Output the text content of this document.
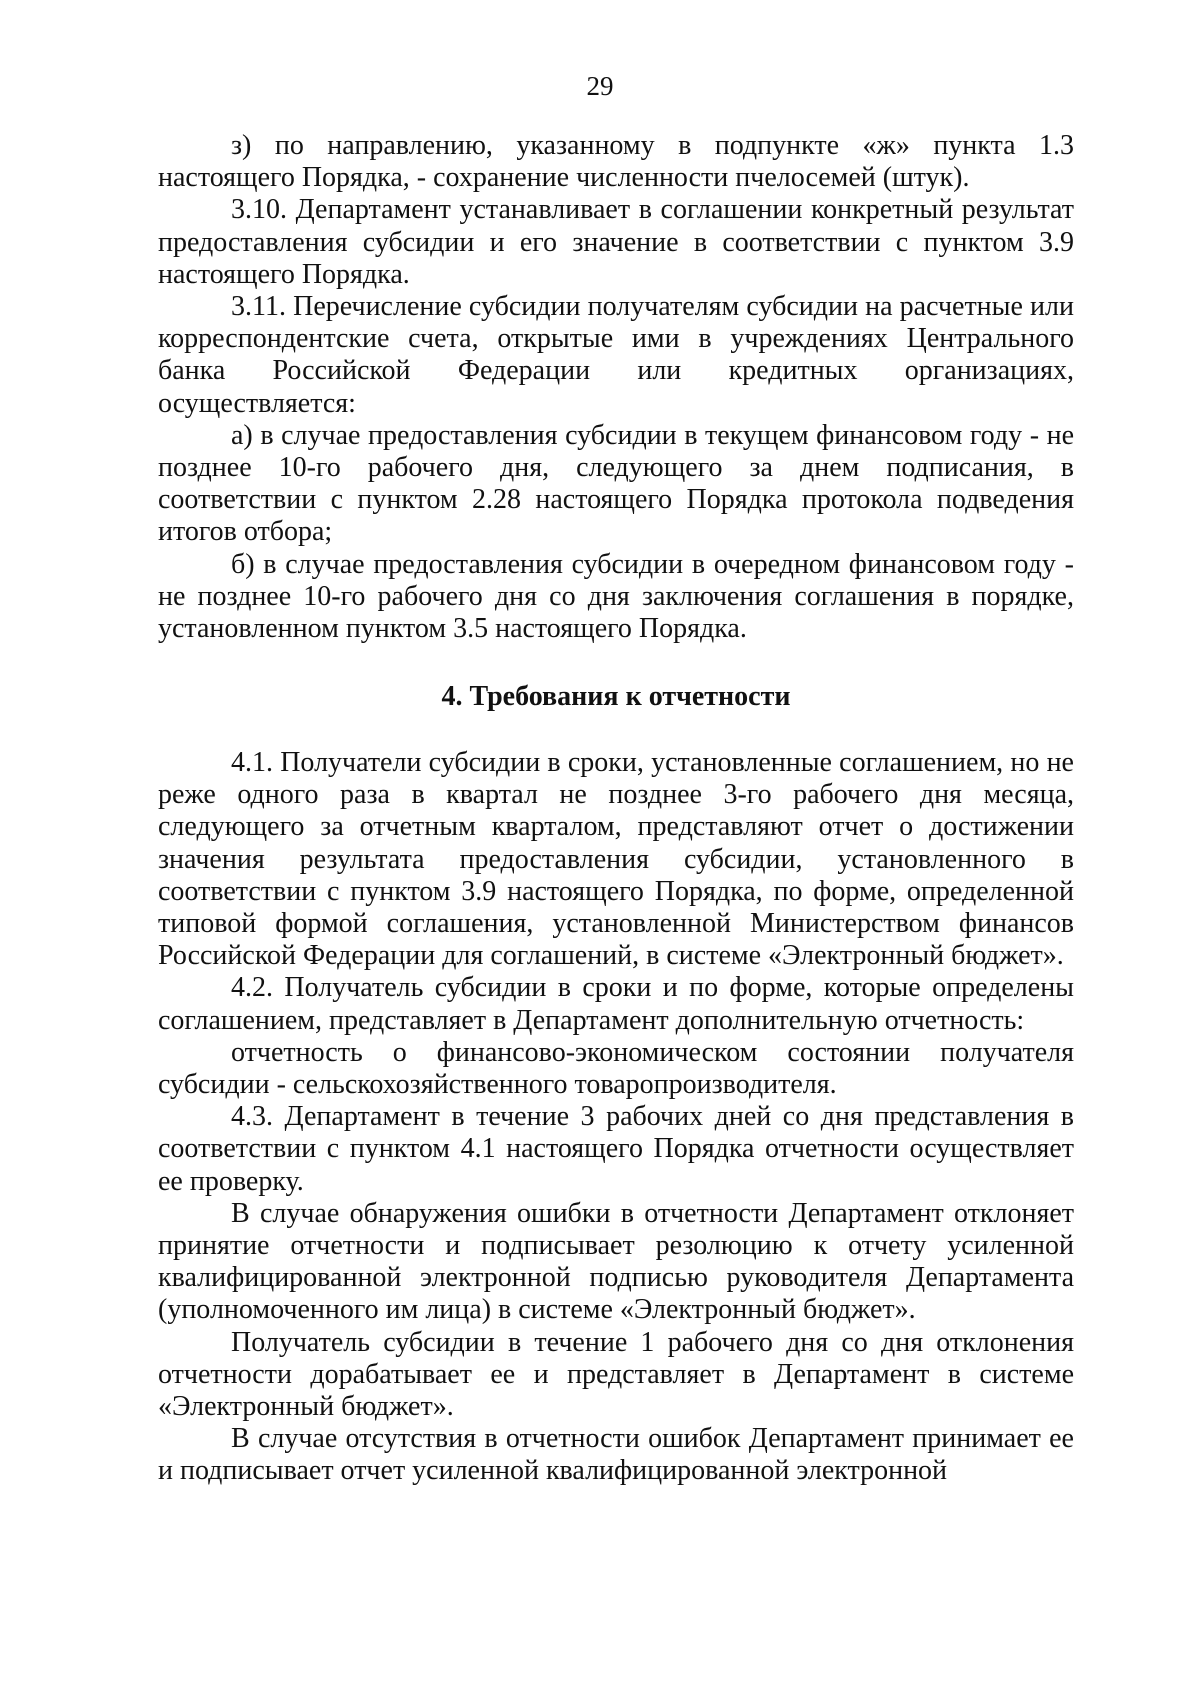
29

з) по направлению, указанному в подпункте «ж» пункта 1.3 настоящего Порядка, - сохранение численности пчелосемей (штук).

3.10. Департамент устанавливает в соглашении конкретный результат предоставления субсидии и его значение в соответствии с пунктом 3.9 настоящего Порядка.

3.11. Перечисление субсидии получателям субсидии на расчетные или корреспондентские счета, открытые ими в учреждениях Центрального банка Российской Федерации или кредитных организациях, осуществляется:

а) в случае предоставления субсидии в текущем финансовом году - не позднее 10-го рабочего дня, следующего за днем подписания, в соответствии с пунктом 2.28 настоящего Порядка протокола подведения итогов отбора;

б) в случае предоставления субсидии в очередном финансовом году - не позднее 10-го рабочего дня со дня заключения соглашения в порядке, установленном пунктом 3.5 настоящего Порядка.

4. Требования к отчетности

4.1. Получатели субсидии в сроки, установленные соглашением, но не реже одного раза в квартал не позднее 3-го рабочего дня месяца, следующего за отчетным кварталом, представляют отчет о достижении значения результата предоставления субсидии, установленного в соответствии с пунктом 3.9 настоящего Порядка, по форме, определенной типовой формой соглашения, установленной Министерством финансов Российской Федерации для соглашений, в системе «Электронный бюджет».

4.2. Получатель субсидии в сроки и по форме, которые определены соглашением, представляет в Департамент дополнительную отчетность:

отчетность о финансово-экономическом состоянии получателя субсидии - сельскохозяйственного товаропроизводителя.

4.3. Департамент в течение 3 рабочих дней со дня представления в соответствии с пунктом 4.1 настоящего Порядка отчетности осуществляет ее проверку.

В случае обнаружения ошибки в отчетности Департамент отклоняет принятие отчетности и подписывает резолюцию к отчету усиленной квалифицированной электронной подписью руководителя Департамента (уполномоченного им лица) в системе «Электронный бюджет».

Получатель субсидии в течение 1 рабочего дня со дня отклонения отчетности дорабатывает ее и представляет в Департамент в системе «Электронный бюджет».

В случае отсутствия в отчетности ошибок Департамент принимает ее и подписывает отчет усиленной квалифицированной электронной
